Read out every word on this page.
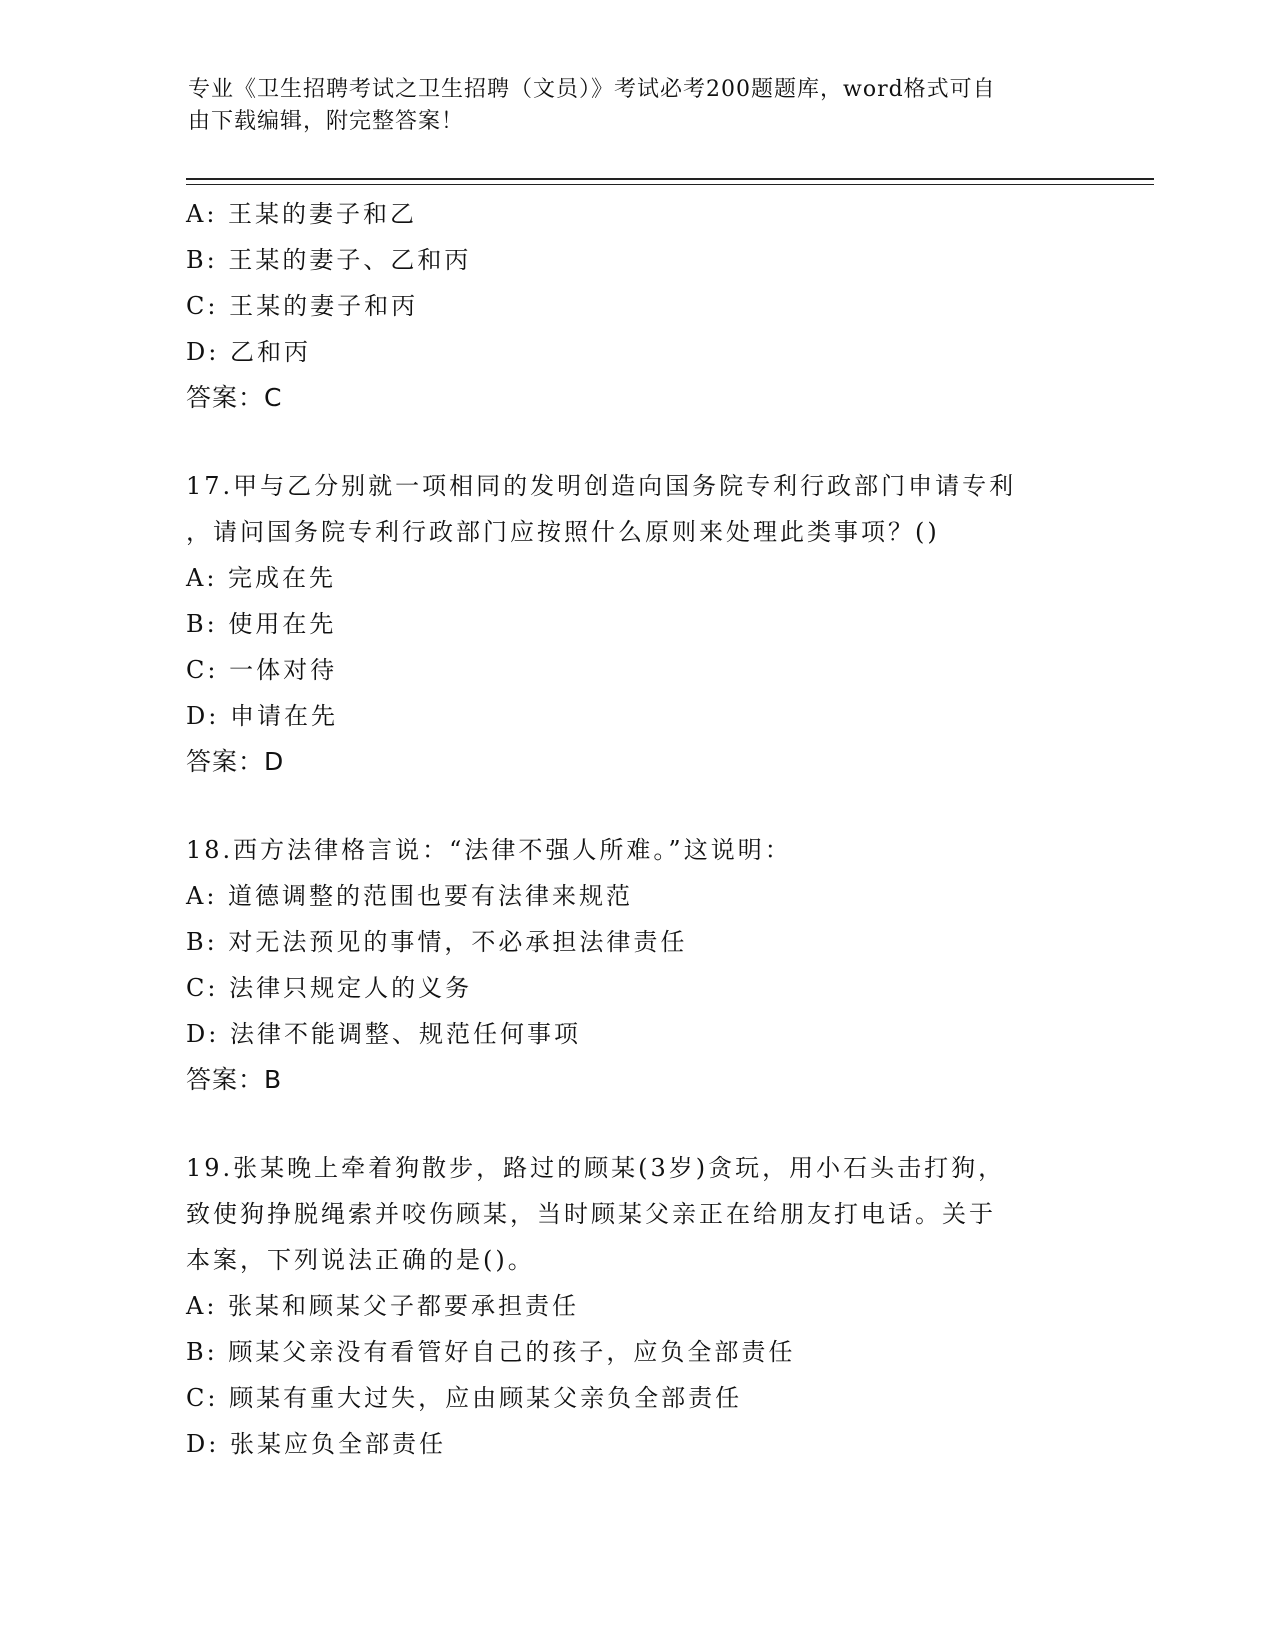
专业《卫生招聘考试之卫生招聘（文员）》考试必考200题题库，word格式可自
由下载编辑，附完整答案！
A: 王某的妻子和乙
B: 王某的妻子、乙和丙
C: 王某的妻子和丙
D: 乙和丙
答案：C
17.甲与乙分别就一项相同的发明创造向国务院专利行政部门申请专利
，请问国务院专利行政部门应按照什么原则来处理此类事项？()
A: 完成在先
B: 使用在先
C: 一体对待
D: 申请在先
答案：D
18.西方法律格言说：“法律不强人所难。”这说明：
A: 道德调整的范围也要有法律来规范
B: 对无法预见的事情，不必承担法律责任
C: 法律只规定人的义务
D: 法律不能调整、规范任何事项
答案：B
19.张某晚上牵着狗散步，路过的顾某(3岁)贪玩，用小石头击打狗，
致使狗挣脱绳索并咬伤顾某，当时顾某父亲正在给朋友打电话。关于
本案，下列说法正确的是()。
A: 张某和顾某父子都要承担责任
B: 顾某父亲没有看管好自己的孩子，应负全部责任
C: 顾某有重大过失，应由顾某父亲负全部责任
D: 张某应负全部责任
